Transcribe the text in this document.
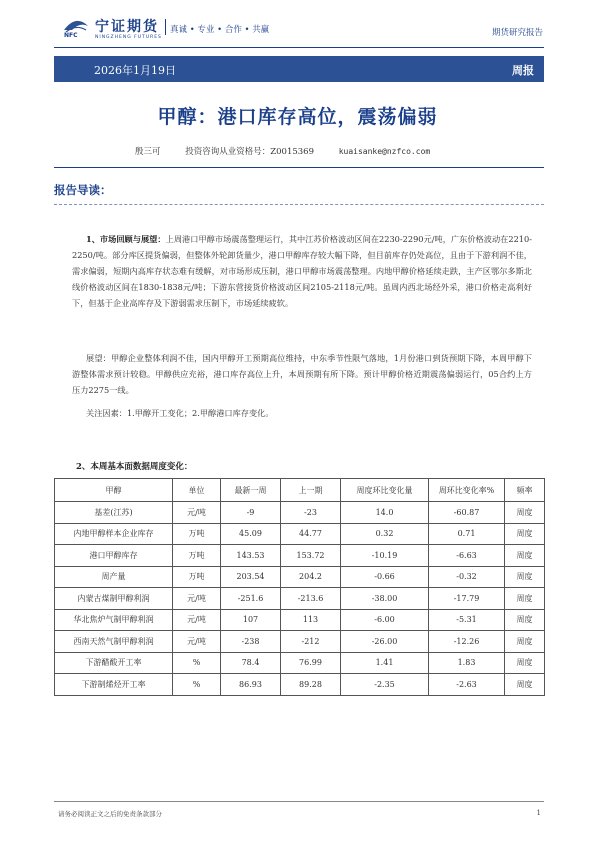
NFC
宁证期货
NINGZHENG FUTURES
真诚 • 专业 • 合作 • 共赢	期货研究报告
2026年1月19日	周报
甲醇：港口库存高位，震荡偏弱
殷三可	投资咨询从业资格号：Z0015369	kuaisanke@nzfco.com
报告导读：
1、市场回顾与展望：上周港口甲醇市场震荡整理运行，其中江苏价格波动区间在2230-2290元/吨，广东价格波动在2210-2250/吨。部分库区提货偏弱，但整体外轮卸货量少，港口甲醇库存较大幅下降，但目前库存仍处高位，且由于下游利润不佳，需求偏弱，短期内高库存状态难有缓解，对市场形成压制，港口甲醇市场震荡整理。内地甲醇价格延续走跌，主产区鄂尔多斯北线价格波动区间在1830-1838元/吨；下游东营接货价格波动区间2105-2118元/吨。虽周内西北场经外采，港口价格走高利好下，但基于企业高库存及下游弱需求压制下，市场延续疲软。
展望：甲醇企业整体利润不佳，国内甲醇开工预期高位维持，中东季节性限气落地，1月份港口到货预期下降，本周甲醇下游整体需求预计较稳。甲醇供应充裕，港口库存高位上升，本周预期有所下降。预计甲醇价格近期震荡偏弱运行，05合约上方压力2275一线。
关注因素：1.甲醇开工变化；2.甲醇港口库存变化。
2、本周基本面数据周度变化：
甲醇	单位	最新一周	上一期	周度环比变化量	周环比变化率%	频率
基差(江苏)	元/吨	-9	-23	14.0	-60.87	周度
内地甲醇样本企业库存	万吨	45.09	44.77	0.32	0.71	周度
港口甲醇库存	万吨	143.53	153.72	-10.19	-6.63	周度
周产量	万吨	203.54	204.2	-0.66	-0.32	周度
内蒙古煤制甲醇利润	元/吨	-251.6	-213.6	-38.00	-17.79	周度
华北焦炉气制甲醇利润	元/吨	107	113	-6.00	-5.31	周度
西南天然气制甲醇利润	元/吨	-238	-212	-26.00	-12.26	周度
下游醋酸开工率	%	78.4	76.99	1.41	1.83	周度
下游制烯烃开工率	%	86.93	89.28	-2.35	-2.63	周度
请务必阅读正文之后的免责条款部分	1
